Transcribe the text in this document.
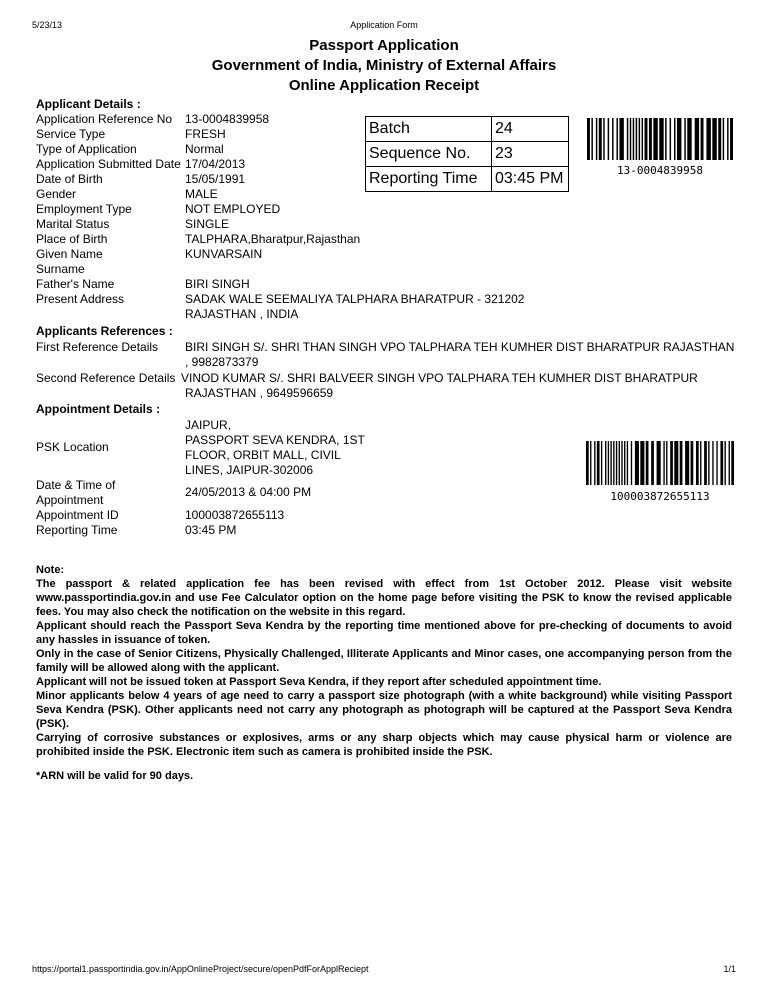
5/23/13	Application Form
Passport Application
Government of India, Ministry of External Affairs
Online Application Receipt
Applicant Details :
Application Reference No 13-0004839958
Service Type	FRESH
Type of Application	Normal
Application Submitted Date 17/04/2013
Date of Birth	15/05/1991
Gender	MALE
Employment Type	NOT EMPLOYED
Marital Status	SINGLE
Place of Birth	TALPHARA,Bharatpur,Rajasthan
Given Name	KUNVARSAIN
Surname
Father's Name	BIRI SINGH
Present Address	SADAK WALE SEEMALIYA TALPHARA BHARATPUR - 321202
RAJASTHAN , INDIA
Batch	24
Sequence No.	23
Reporting Time	03:45 PM	13-0004839958
Applicants References :
First Reference Details BIRI SINGH S/. SHRI THAN SINGH VPO TALPHARA TEH KUMHER DIST BHARATPUR RAJASTHAN
, 9982873379
Second Reference Details VINOD KUMAR S/. SHRI BALVEER SINGH VPO TALPHARA TEH KUMHER DIST BHARATPUR
RAJASTHAN , 9649596659
Appointment Details :
JAIPUR,
PASSPORT SEVA KENDRA, 1ST
PSK Location
FLOOR, ORBIT MALL, CIVIL
LINES, JAIPUR-302006
Date & Time of
Appointment
24/05/2013 & 04:00 PM
Appointment ID	100003872655113
Reporting Time	03:45 PM
100003872655113

Note:

The passport & related application fee has been revised with effect from 1st October 2012. Please visit website www.passportindia.gov.in and use Fee Calculator option on the home page before visiting the PSK to know the revised applicable fees. You may also check the notification on the website in this regard.

Applicant should reach the Passport Seva Kendra by the reporting time mentioned above for pre-checking of documents to avoid any hassles in issuance of token.

Only in the case of Senior Citizens, Physically Challenged, Illiterate Applicants and Minor cases, one accompanying person from the family will be allowed along with the applicant.

Applicant will not be issued token at Passport Seva Kendra, if they report after scheduled appointment time.

Minor applicants below 4 years of age need to carry a passport size photograph (with a white background) while visiting Passport Seva Kendra (PSK). Other applicants need not carry any photograph as photograph will be captured at the Passport Seva Kendra (PSK).

Carrying of corrosive substances or explosives, arms or any sharp objects which may cause physical harm or violence are prohibited inside the PSK. Electronic item such as camera is prohibited inside the PSK.

*ARN will be valid for 90 days.

https://portal1.passportindia.gov.in/AppOnlineProject/secure/openPdfForApplReciept	1/1
